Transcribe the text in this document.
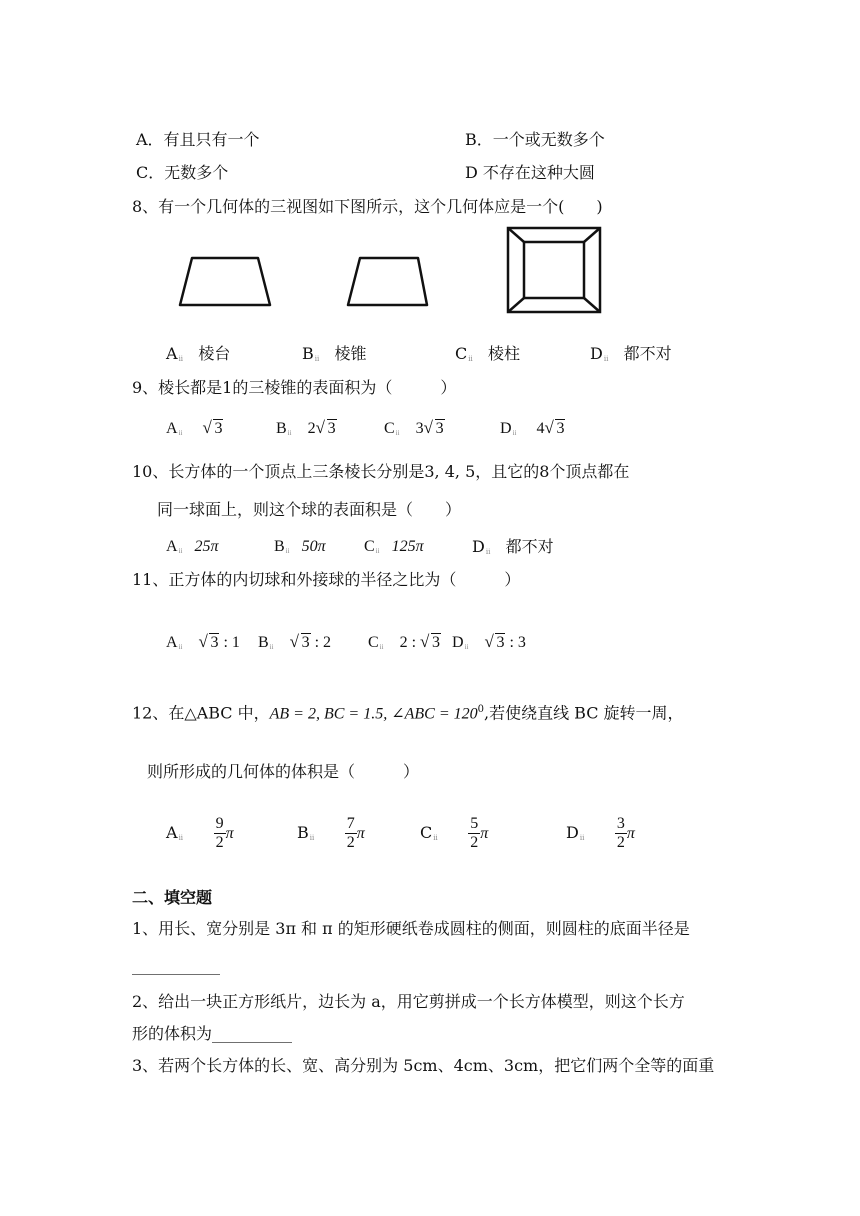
A．有且只有一个	B．一个或无数多个
C．无数多个	D 不存在这种大圆
8、有一个几何体的三视图如下图所示，这个几何体应是一个(　　)
$A_{ii}$ 棱台	$B_{ii}$ 棱锥	$C_{ii}$ 棱柱	$D_{ii}$ 都不对
9、棱长都是1的三棱锥的表面积为（　　　）
$A_{ii}$ √ 3	$B_{ii}$ 2 √ 3	$C_{ii}$ 3 √ 3	$D_{ii}$ 4 √ 3
10、长方体的一个顶点上三条棱长分别是3, 4, 5，且它的8个顶点都在
同一球面上，则这个球的表面积是（　　）
$A_{ii}$ 25π	$B_{ii}$ 50π $C_{ii}$ 125π	$D_{ii}$ 都不对
11、正方体的内切球和外接球的半径之比为（　　　）
$A_{ii}$ √ 3 : 1 $B_{ii}$ √ 3 : 2 $C_{ii}$ 2 : √ 3 $D_{ii}$ √ 3 : 3
12、在△ABC 中，AB = 2, BC = 1.5, ∠ABC = $120^0$,若使绕直线 BC 旋转一周，
则所形成的几何体的体积是（　　　）
$A_{ii} \frac{9}{2}$ π	$B_{ii} \frac{7}{2}$ π	$C_{ii} \frac{5}{2}$ π	$D_{ii} \frac{3}{2}$ π
二、填空题
1、用长、宽分别是 3π 和 π 的矩形硬纸卷成圆柱的侧面，则圆柱的底面半径是
___________
2、给出一块正方形纸片，边长为 a，用它剪拼成一个长方体模型，则这个长方
形的体积为__________
3、若两个长方体的长、宽、高分别为 5cm、4cm、3cm，把它们两个全等的面重
